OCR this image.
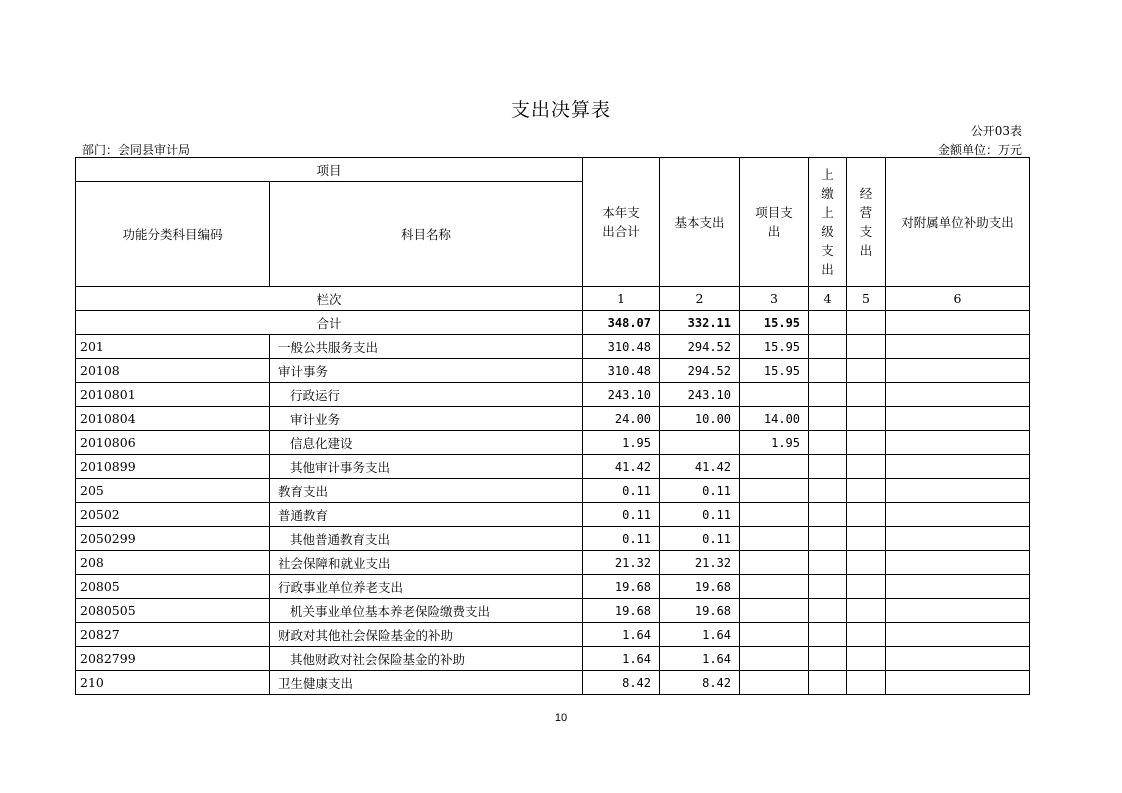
支出决算表
公开03表
部门：会同县审计局	金额单位：万元
项目		本年支出合计	基本支出	项目支出	上缴上级支出	经营支出	对附属单位补助支出
功能分类科目编码	科目名称						
栏次		1	2	3	4	5	6
合计		348.07	332.11	15.95			
201	一般公共服务支出	310.48	294.52	15.95			
20108	审计事务	310.48	294.52	15.95			
2010801	行政运行	243.10	243.10				
2010804	审计业务	24.00	10.00	14.00			
2010806	信息化建设	1.95		1.95			
2010899	其他审计事务支出	41.42	41.42				
205	教育支出	0.11	0.11				
20502	普通教育	0.11	0.11				
2050299	其他普通教育支出	0.11	0.11				
208	社会保障和就业支出	21.32	21.32				
20805	行政事业单位养老支出	19.68	19.68				
2080505	机关事业单位基本养老保险缴费支出	19.68	19.68				
20827	财政对其他社会保险基金的补助	1.64	1.64				
2082799	其他财政对社会保险基金的补助	1.64	1.64				
210	卫生健康支出	8.42	8.42				
10
